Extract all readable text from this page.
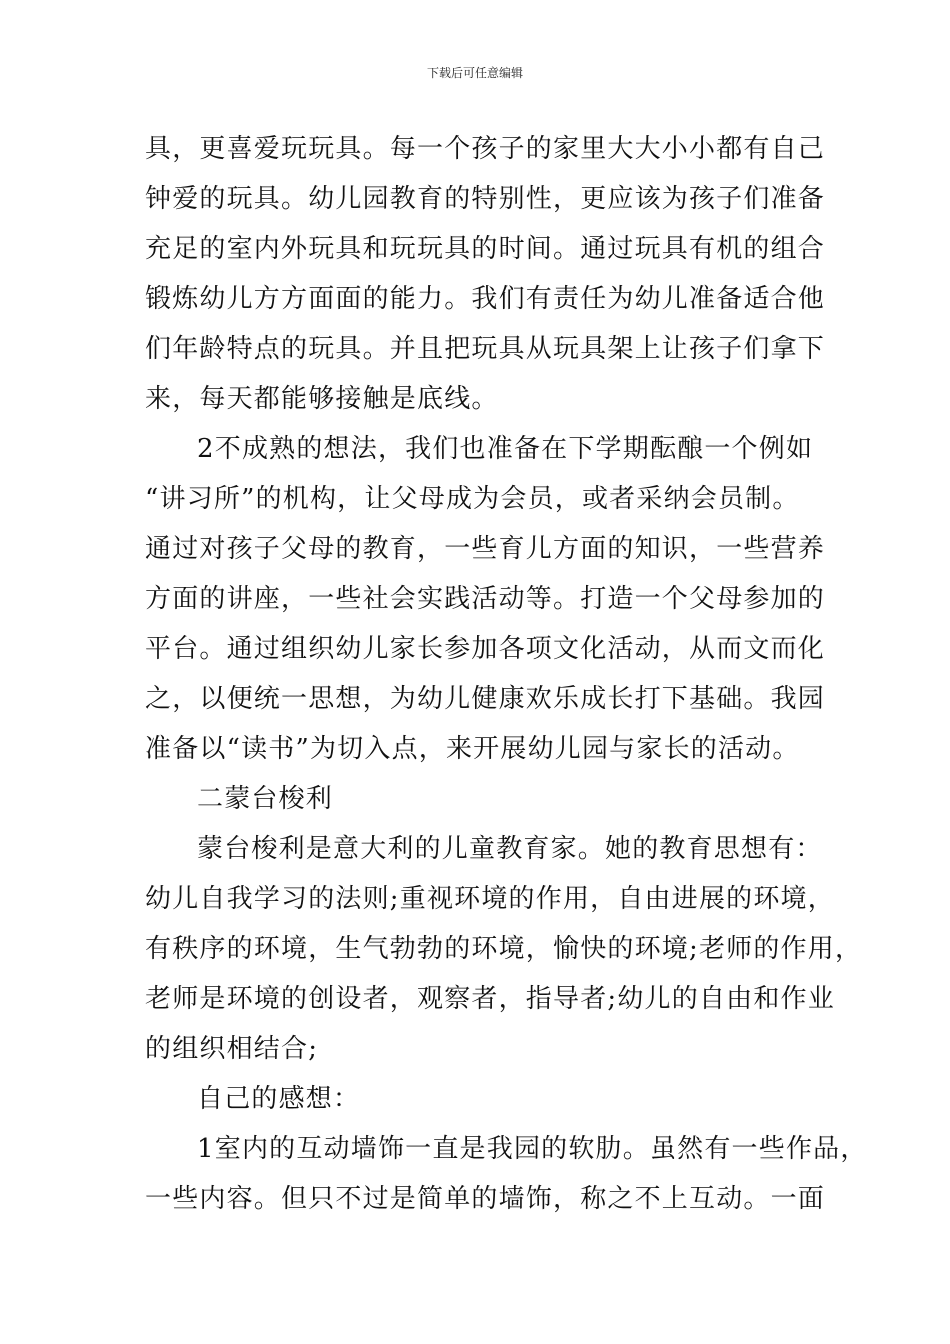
下载后可任意编辑
具，更喜爱玩玩具。每一个孩子的家里大大小小都有自己
钟爱的玩具。幼儿园教育的特别性，更应该为孩子们准备
充足的室内外玩具和玩玩具的时间。通过玩具有机的组合
锻炼幼儿方方面面的能力。我们有责任为幼儿准备适合他
们年龄特点的玩具。并且把玩具从玩具架上让孩子们拿下
来，每天都能够接触是底线。
2不成熟的想法，我们也准备在下学期酝酿一个例如
“讲习所”的机构，让父母成为会员，或者采纳会员制。
通过对孩子父母的教育，一些育儿方面的知识，一些营养
方面的讲座，一些社会实践活动等。打造一个父母参加的
平台。通过组织幼儿家长参加各项文化活动，从而文而化
之，以便统一思想，为幼儿健康欢乐成长打下基础。我园
准备以“读书”为切入点，来开展幼儿园与家长的活动。
二蒙台梭利
蒙台梭利是意大利的儿童教育家。她的教育思想有：
幼儿自我学习的法则;重视环境的作用，自由进展的环境，
有秩序的环境，生气勃勃的环境，愉快的环境;老师的作用，
老师是环境的创设者，观察者，指导者;幼儿的自由和作业
的组织相结合;
自己的感想：
1室内的互动墙饰一直是我园的软肋。虽然有一些作品，
一些内容。但只不过是简单的墙饰，称之不上互动。一面
